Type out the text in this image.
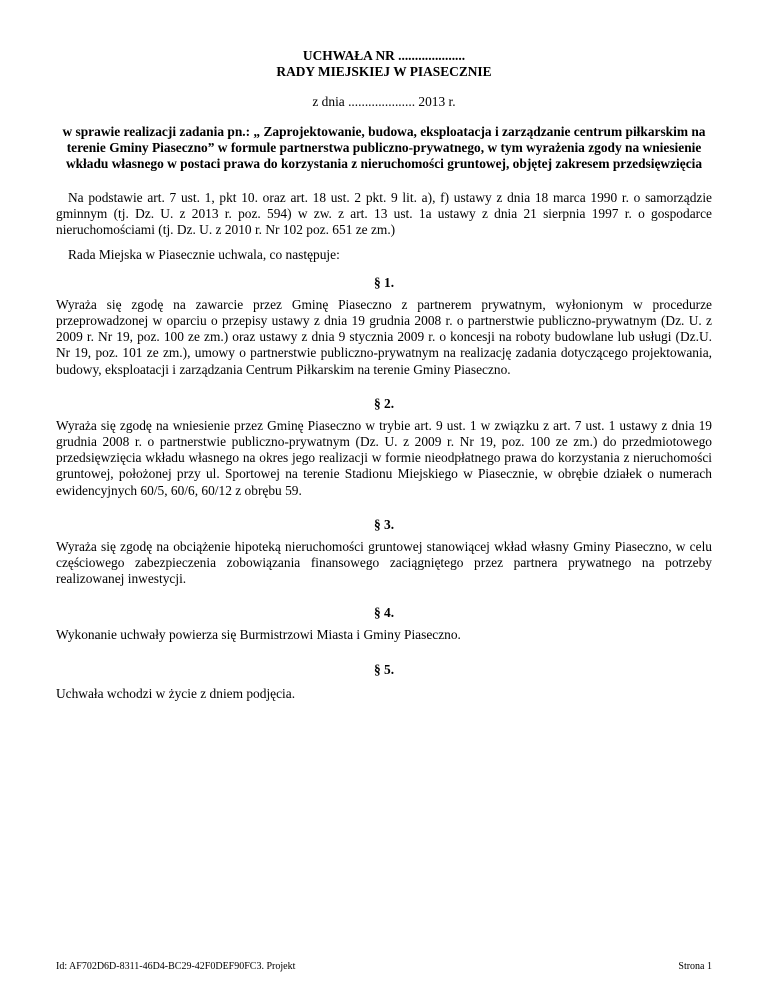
UCHWAŁA NR ....................
RADY MIEJSKIEJ W PIASECZNIE
z dnia .................... 2013 r.
w sprawie realizacji zadania pn.: „ Zaprojektowanie, budowa, eksploatacja i zarządzanie centrum piłkarskim na terenie Gminy Piaseczno” w formule partnerstwa publiczno-prywatnego, w tym wyrażenia zgody na wniesienie wkładu własnego w postaci prawa do korzystania z nieruchomości gruntowej, objętej zakresem przedsięwzięcia
Na podstawie art. 7 ust. 1, pkt 10. oraz art. 18 ust. 2 pkt. 9 lit. a), f) ustawy z dnia 18 marca 1990 r. o samorządzie gminnym (tj. Dz. U. z 2013 r. poz. 594) w zw. z art. 13 ust. 1a ustawy z dnia 21 sierpnia 1997 r. o gospodarce nieruchomościami (tj. Dz. U. z 2010 r. Nr 102 poz. 651 ze zm.)
Rada Miejska w Piasecznie uchwala, co następuje:
§ 1.
Wyraża się zgodę na zawarcie przez Gminę Piaseczno z partnerem prywatnym, wyłonionym w procedurze przeprowadzonej w oparciu o przepisy ustawy z dnia 19 grudnia 2008 r. o partnerstwie publiczno-prywatnym (Dz. U. z 2009 r. Nr 19, poz. 100 ze zm.) oraz ustawy z dnia 9 stycznia 2009 r. o koncesji na roboty budowlane lub usługi (Dz.U. Nr 19, poz. 101 ze zm.), umowy o partnerstwie publiczno-prywatnym na realizację zadania dotyczącego projektowania, budowy, eksploatacji i zarządzania Centrum Piłkarskim na terenie Gminy Piaseczno.
§ 2.
Wyraża się zgodę na wniesienie przez Gminę Piaseczno w trybie art. 9 ust. 1 w związku z art. 7 ust. 1 ustawy z dnia 19 grudnia 2008 r. o partnerstwie publiczno-prywatnym (Dz. U. z 2009 r. Nr 19, poz. 100 ze zm.) do przedmiotowego przedsięwzięcia wkładu własnego na okres jego realizacji w formie nieodpłatnego prawa do korzystania z nieruchomości gruntowej, położonej przy ul. Sportowej na terenie Stadionu Miejskiego w Piasecznie, w obrębie działek o numerach ewidencyjnych 60/5, 60/6, 60/12 z obrębu 59.
§ 3.
Wyraża się zgodę na obciążenie hipoteką nieruchomości gruntowej stanowiącej wkład własny Gminy Piaseczno, w celu częściowego zabezpieczenia zobowiązania finansowego zaciągniętego przez partnera prywatnego na potrzeby realizowanej inwestycji.
§ 4.
Wykonanie uchwały powierza się Burmistrzowi Miasta i Gminy Piaseczno.
§ 5.
Uchwała wchodzi w życie z dniem podjęcia.
Id: AF702D6D-8311-46D4-BC29-42F0DEF90FC3. Projekt	Strona 1
